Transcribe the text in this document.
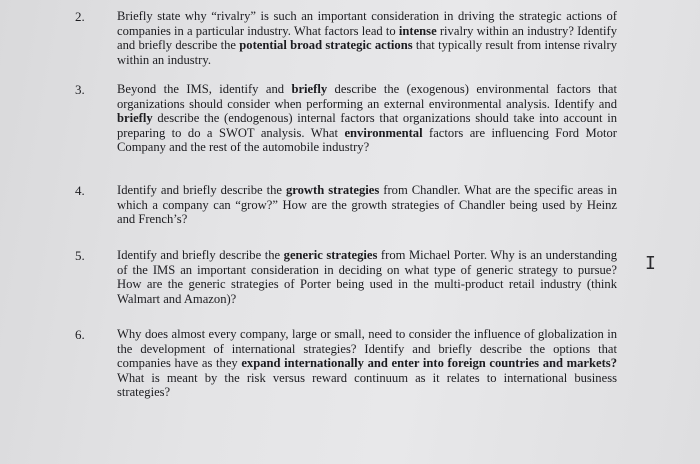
2.	Briefly state why “rivalry” is such an important consideration in driving the strategic actions of companies in a particular industry. What factors lead to intense rivalry within an industry? Identify and briefly describe the potential broad strategic actions that typically result from intense rivalry within an industry.
3.	Beyond the IMS, identify and briefly describe the (exogenous) environmental factors that organizations should consider when performing an external environmental analysis. Identify and briefly describe the (endogenous) internal factors that organizations should take into account in preparing to do a SWOT analysis. What environmental factors are influencing Ford Motor Company and the rest of the automobile industry?
4.	Identify and briefly describe the growth strategies from Chandler. What are the specific areas in which a company can “grow?” How are the growth strategies of Chandler being used by Heinz and French’s?
5.	Identify and briefly describe the generic strategies from Michael Porter. Why is an understanding of the IMS an important consideration in deciding on what type of generic strategy to pursue? How are the generic strategies of Porter being used in the multi-product retail industry (think Walmart and Amazon)?
6.	Why does almost every company, large or small, need to consider the influence of globalization in the development of international strategies? Identify and briefly describe the options that companies have as they expand internationally and enter into foreign countries and markets? What is meant by the risk versus reward continuum as it relates to international business strategies?
I
